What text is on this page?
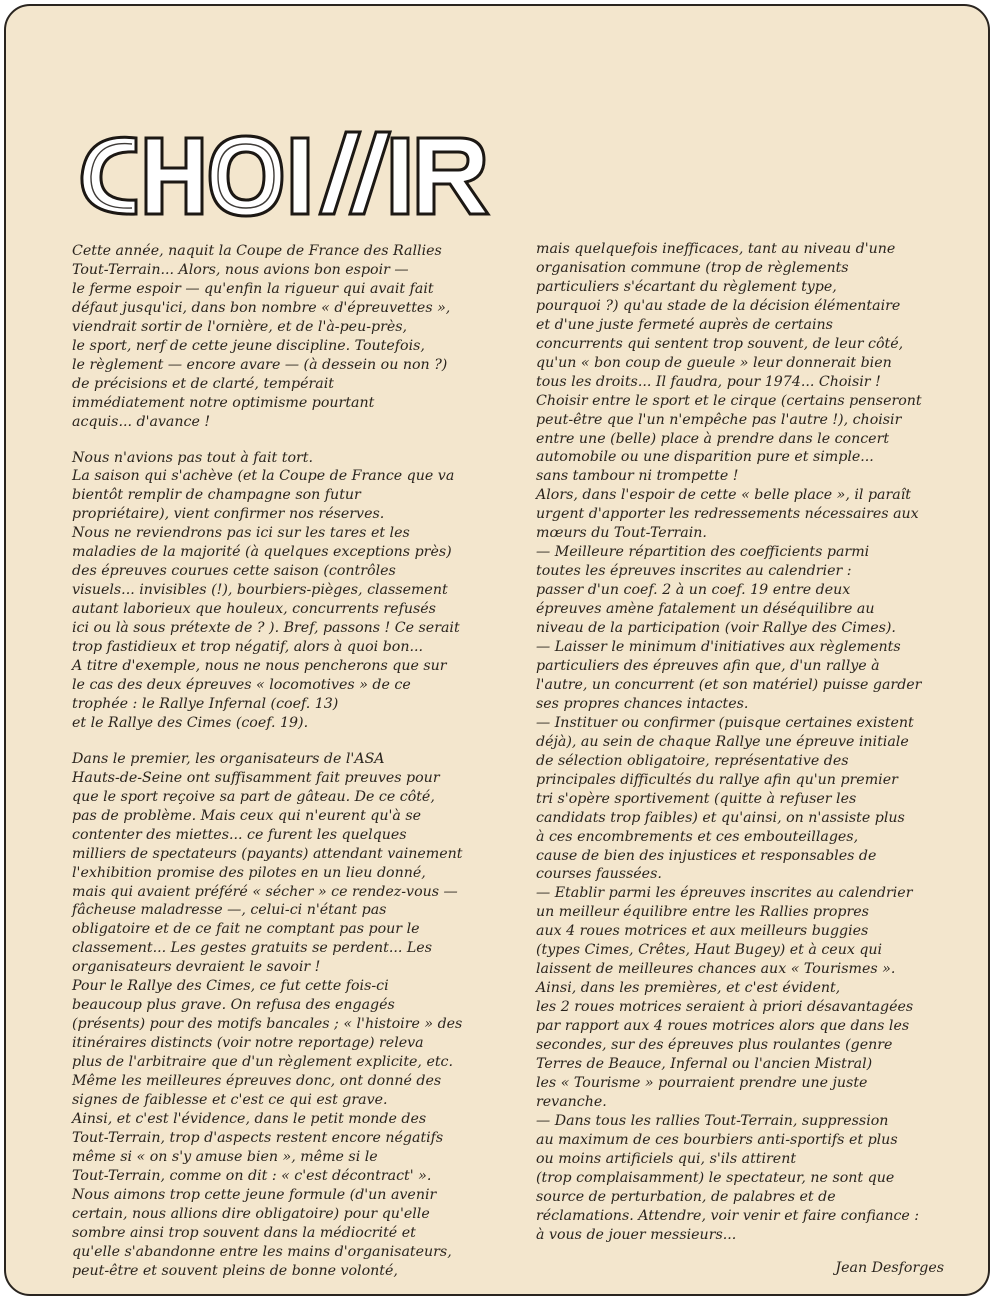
Cette année, naquit la Coupe de France des Rallies
Tout-Terrain... Alors, nous avions bon espoir —
le ferme espoir — qu'enfin la rigueur qui avait fait
défaut jusqu'ici, dans bon nombre « d'épreuvettes »,
viendrait sortir de l'ornière, et de l'à-peu-près,
le sport, nerf de cette jeune discipline. Toutefois,
le règlement — encore avare — (à dessein ou non ?)
de précisions et de clarté, tempérait
immédiatement notre optimisme pourtant
acquis... d'avance !
Nous n'avions pas tout à fait tort.
La saison qui s'achève (et la Coupe de France que va
bientôt remplir de champagne son futur
propriétaire), vient confirmer nos réserves.
Nous ne reviendrons pas ici sur les tares et les
maladies de la majorité (à quelques exceptions près)
des épreuves courues cette saison (contrôles
visuels... invisibles (!), bourbiers-pièges, classement
autant laborieux que houleux, concurrents refusés
ici ou là sous prétexte de ? ). Bref, passons ! Ce serait
trop fastidieux et trop négatif, alors à quoi bon...
A titre d'exemple, nous ne nous pencherons que sur
le cas des deux épreuves « locomotives » de ce
trophée : le Rallye Infernal (coef. 13)
et le Rallye des Cimes (coef. 19).
Dans le premier, les organisateurs de l'ASA
Hauts-de-Seine ont suffisamment fait preuves pour
que le sport reçoive sa part de gâteau. De ce côté,
pas de problème. Mais ceux qui n'eurent qu'à se
contenter des miettes... ce furent les quelques
milliers de spectateurs (payants) attendant vainement
l'exhibition promise des pilotes en un lieu donné,
mais qui avaient préféré « sécher » ce rendez-vous —
fâcheuse maladresse —, celui-ci n'étant pas
obligatoire et de ce fait ne comptant pas pour le
classement... Les gestes gratuits se perdent... Les
organisateurs devraient le savoir !
Pour le Rallye des Cimes, ce fut cette fois-ci
beaucoup plus grave. On refusa des engagés
(présents) pour des motifs bancales ; « l'histoire » des
itinéraires distincts (voir notre reportage) releva
plus de l'arbitraire que d'un règlement explicite, etc.
Même les meilleures épreuves donc, ont donné des
signes de faiblesse et c'est ce qui est grave.
Ainsi, et c'est l'évidence, dans le petit monde des
Tout-Terrain, trop d'aspects restent encore négatifs
même si « on s'y amuse bien », même si le
Tout-Terrain, comme on dit : « c'est décontract' ».
Nous aimons trop cette jeune formule (d'un avenir
certain, nous allions dire obligatoire) pour qu'elle
sombre ainsi trop souvent dans la médiocrité et
qu'elle s'abandonne entre les mains d'organisateurs,
peut-être et souvent pleins de bonne volonté,
mais quelquefois inefficaces, tant au niveau d'une
organisation commune (trop de règlements
particuliers s'écartant du règlement type,
pourquoi ?) qu'au stade de la décision élémentaire
et d'une juste fermeté auprès de certains
concurrents qui sentent trop souvent, de leur côté,
qu'un « bon coup de gueule » leur donnerait bien
tous les droits... Il faudra, pour 1974... Choisir !
Choisir entre le sport et le cirque (certains penseront
peut-être que l'un n'empêche pas l'autre !), choisir
entre une (belle) place à prendre dans le concert
automobile ou une disparition pure et simple...
sans tambour ni trompette !
Alors, dans l'espoir de cette « belle place », il paraît
urgent d'apporter les redressements nécessaires aux
mœurs du Tout-Terrain.
— Meilleure répartition des coefficients parmi
toutes les épreuves inscrites au calendrier :
passer d'un coef. 2 à un coef. 19 entre deux
épreuves amène fatalement un déséquilibre au
niveau de la participation (voir Rallye des Cimes).
— Laisser le minimum d'initiatives aux règlements
particuliers des épreuves afin que, d'un rallye à
l'autre, un concurrent (et son matériel) puisse garder
ses propres chances intactes.
— Instituer ou confirmer (puisque certaines existent
déjà), au sein de chaque Rallye une épreuve initiale
de sélection obligatoire, représentative des
principales difficultés du rallye afin qu'un premier
tri s'opère sportivement (quitte à refuser les
candidats trop faibles) et qu'ainsi, on n'assiste plus
à ces encombrements et ces embouteillages,
cause de bien des injustices et responsables de
courses faussées.
— Etablir parmi les épreuves inscrites au calendrier
un meilleur équilibre entre les Rallies propres
aux 4 roues motrices et aux meilleurs buggies
(types Cimes, Crêtes, Haut Bugey) et à ceux qui
laissent de meilleures chances aux « Tourismes ».
Ainsi, dans les premières, et c'est évident,
les 2 roues motrices seraient à priori désavantagées
par rapport aux 4 roues motrices alors que dans les
secondes, sur des épreuves plus roulantes (genre
Terres de Beauce, Infernal ou l'ancien Mistral)
les « Tourisme » pourraient prendre une juste
revanche.
— Dans tous les rallies Tout-Terrain, suppression
au maximum de ces bourbiers anti-sportifs et plus
ou moins artificiels qui, s'ils attirent
(trop complaisamment) le spectateur, ne sont que
source de perturbation, de palabres et de
réclamations. Attendre, voir venir et faire confiance :
à vous de jouer messieurs...
Jean Desforges
